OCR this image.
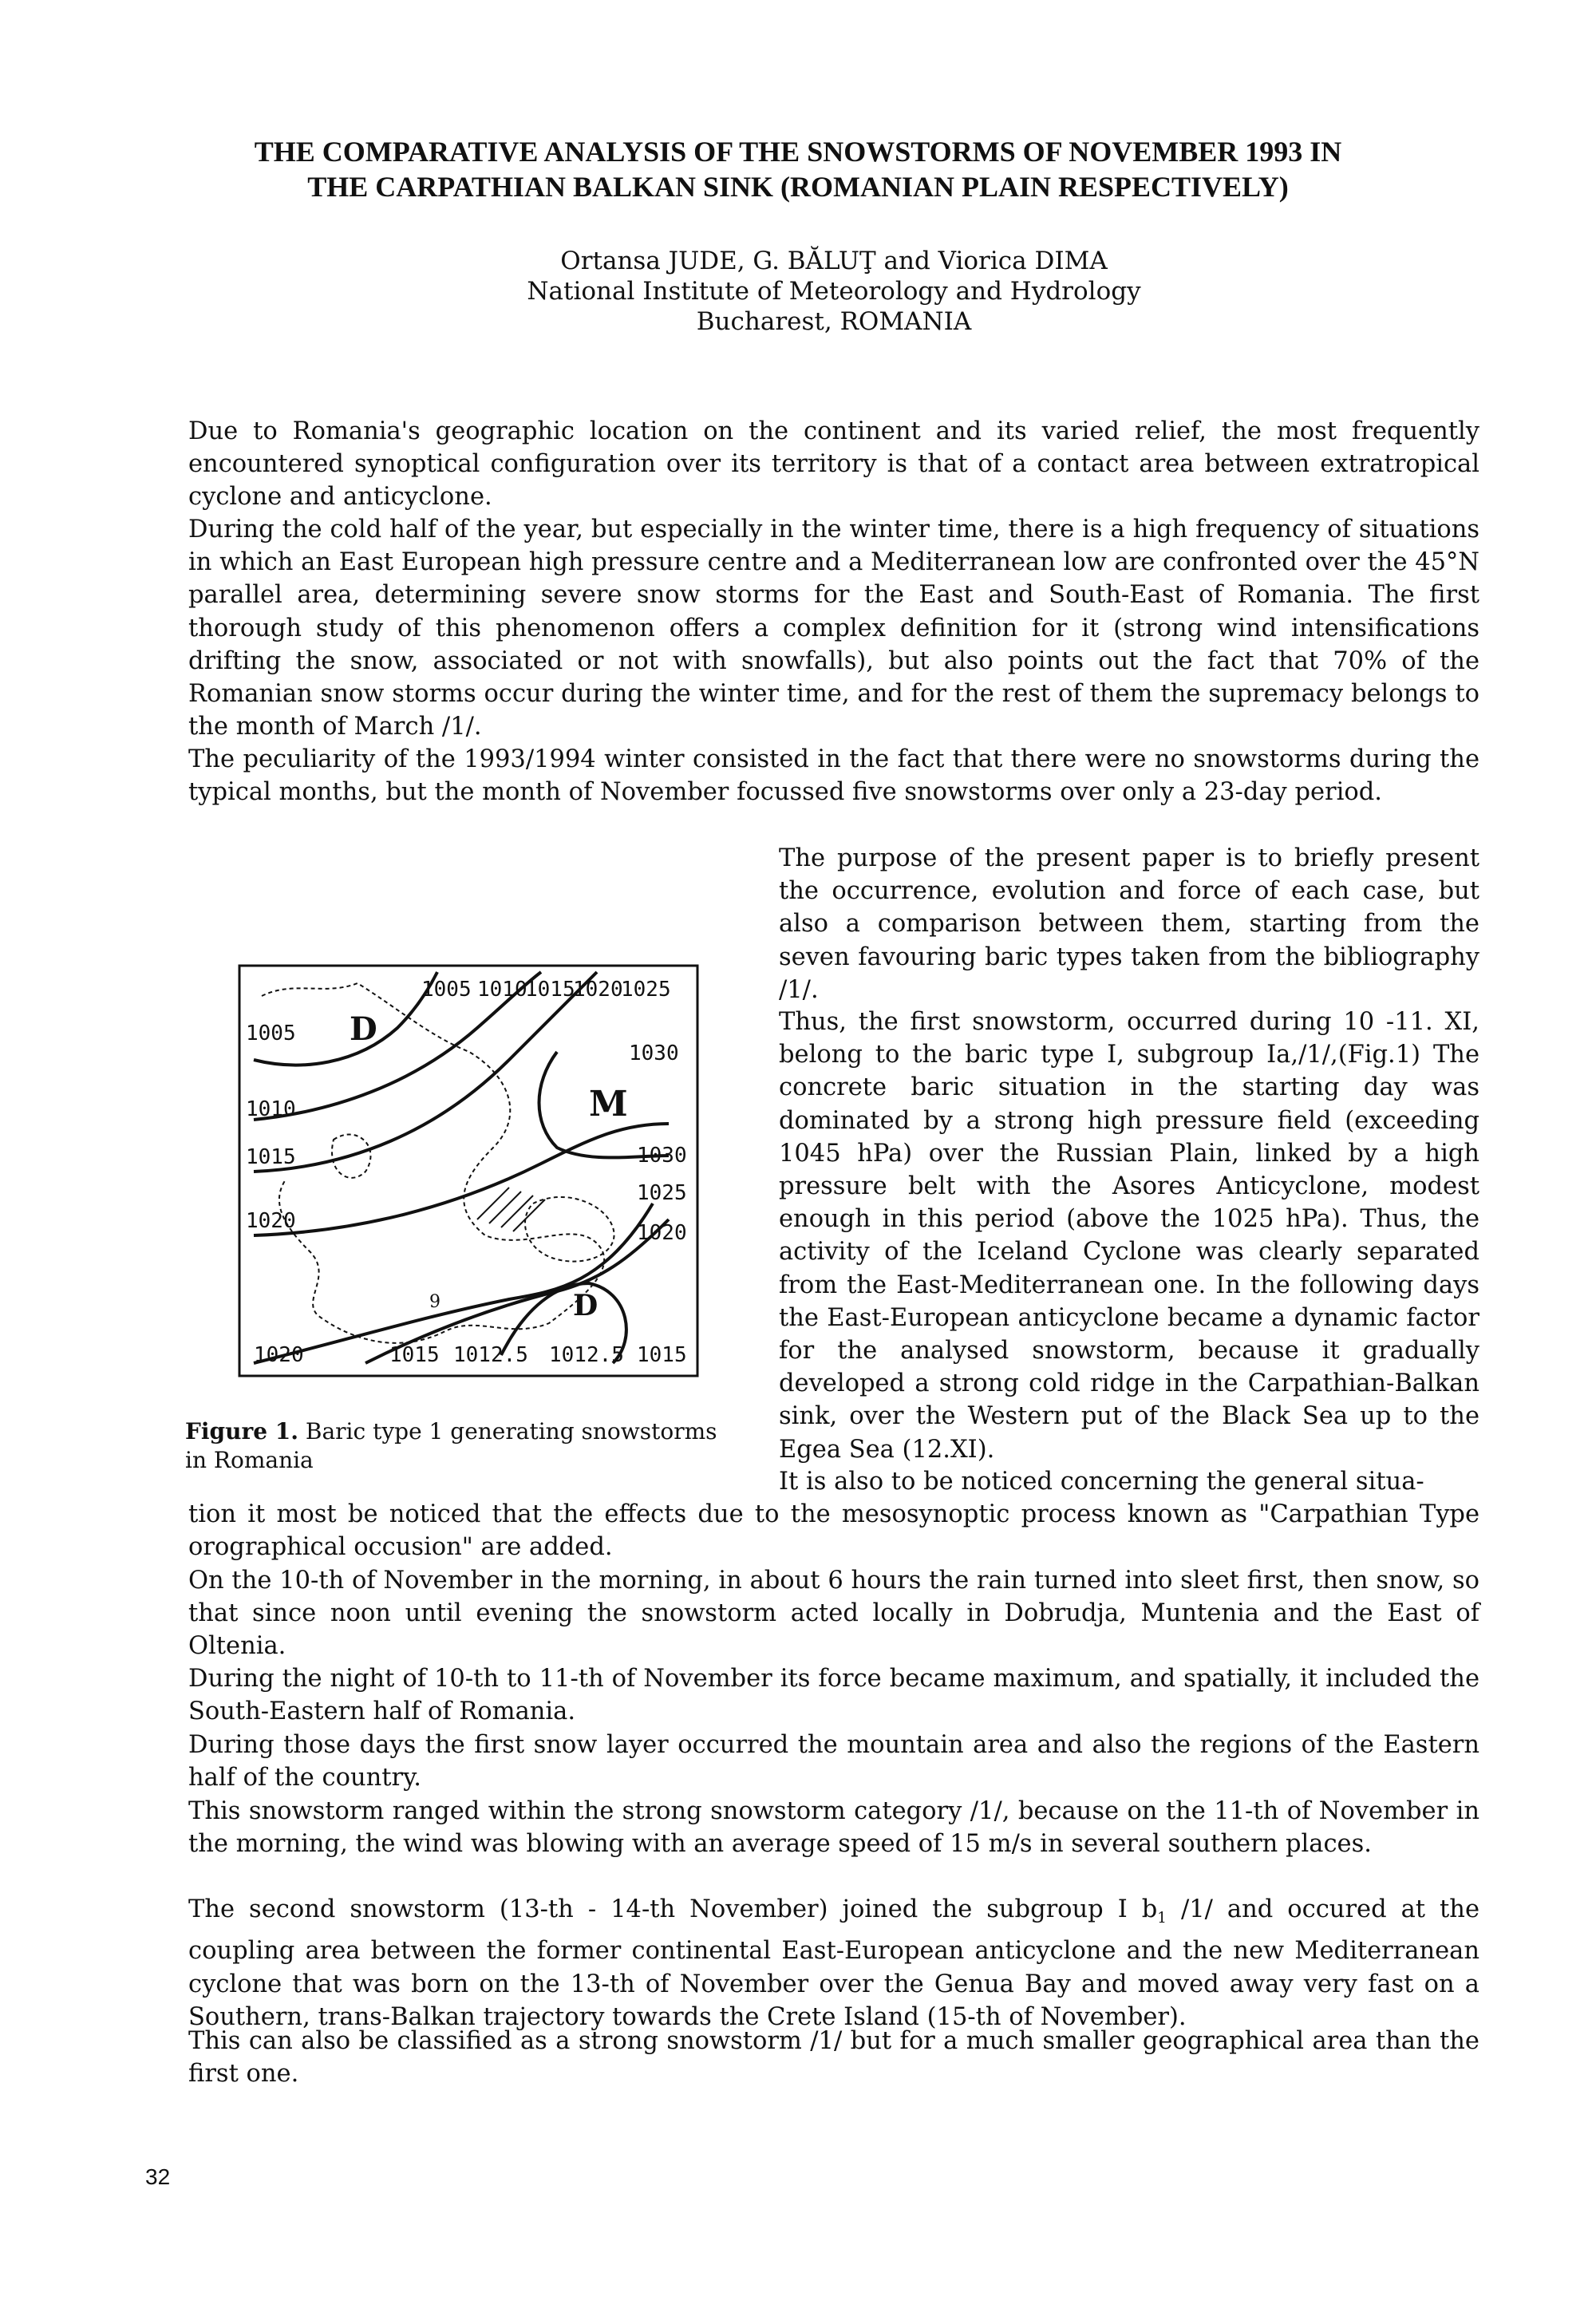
THE COMPARATIVE ANALYSIS OF THE SNOWSTORMS OF NOVEMBER 1993 IN
THE CARPATHIAN BALKAN SINK (ROMANIAN PLAIN RESPECTIVELY)
Ortansa JUDE, G. BĂLUŢ and Viorica DIMA
National Institute of Meteorology and Hydrology
Bucharest, ROMANIA

Due to Romania's geographic location on the continent and its varied relief, the most frequently encountered synoptical configuration over its territory is that of a contact area between extratropical cyclone and anticyclone.

During the cold half of the year, but especially in the winter time, there is a high frequency of situations in which an East European high pressure centre and a Mediterranean low are confronted over the 45°N parallel area, determining severe snow storms for the East and South-East of Romania. The first thorough study of this phenomenon offers a complex definition for it (strong wind intensifications drifting the snow, associated or not with snowfalls), but also points out the fact that 70% of the Romanian snow storms occur during the winter time, and for the rest of them the supremacy belongs to the month of March /1/.

The peculiarity of the 1993/1994 winter consisted in the fact that there were no snowstorms during the typical months, but the month of November focussed five snowstorms over only a 23-day period.

The purpose of the present paper is to briefly present the occurrence, evolution and force of each case, but also a comparison between them, starting from the seven favouring baric types taken from the bibliography /1/.

Thus, the first snowstorm, occurred during 10 -11. XI, belong to the baric type I, subgroup Ia,/1/,(Fig.1) The concrete baric situation in the starting day was dominated by a strong high pressure field (exceeding 1045 hPa) over the Russian Plain, linked by a high pressure belt with the Asores Anticyclone, modest enough in this period (above the 1025 hPa). Thus, the activity of the Iceland Cyclone was clearly separated from the East-Mediterranean one. In the following days the East-European anticyclone became a dynamic factor for the analysed snowstorm, because it gradually developed a strong cold ridge in the Carpathian-Balkan sink, over the Western put of the Black Sea up to the Egea Sea (12.XI).

It is also to be noticed concerning the general situa-

tion it most be noticed that the effects due to the mesosynoptic process known as "Carpathian Type orographical occusion" are added.

On the 10-th of November in the morning, in about 6 hours the rain turned into sleet first, then snow, so that since noon until evening the snowstorm acted locally in Dobrudja, Muntenia and the East of Oltenia.

During the night of 10-th to 11-th of November its force became maximum, and spatially, it included the South-Eastern half of Romania.

During those days the first snow layer occurred the mountain area and also the regions of the Eastern half of the country.

This snowstorm ranged within the strong snowstorm category /1/, because on the 11-th of November in the morning, the wind was blowing with an average speed of 15 m/s in several southern places.

The second snowstorm (13-th - 14-th November) joined the subgroup I $b_1$ /1/ and occured at the coupling area between the former continental East-European anticyclone and the new Mediterranean cyclone that was born on the 13-th of November over the Genua Bay and moved away very fast on a Southern, trans-Balkan trajectory towards the Crete Island (15-th of November).

This can also be classified as a strong snowstorm /1/ but for a much smaller geographical area than the first one.

1005 1010
1015
1020
1025
1005
1010
1015
1020
1030
1030
1025
1020
1020	1015 1012.5 1012.5 1015
D
M
D
9
Figure 1. Baric type 1 generating snowstorms in Romania
32
